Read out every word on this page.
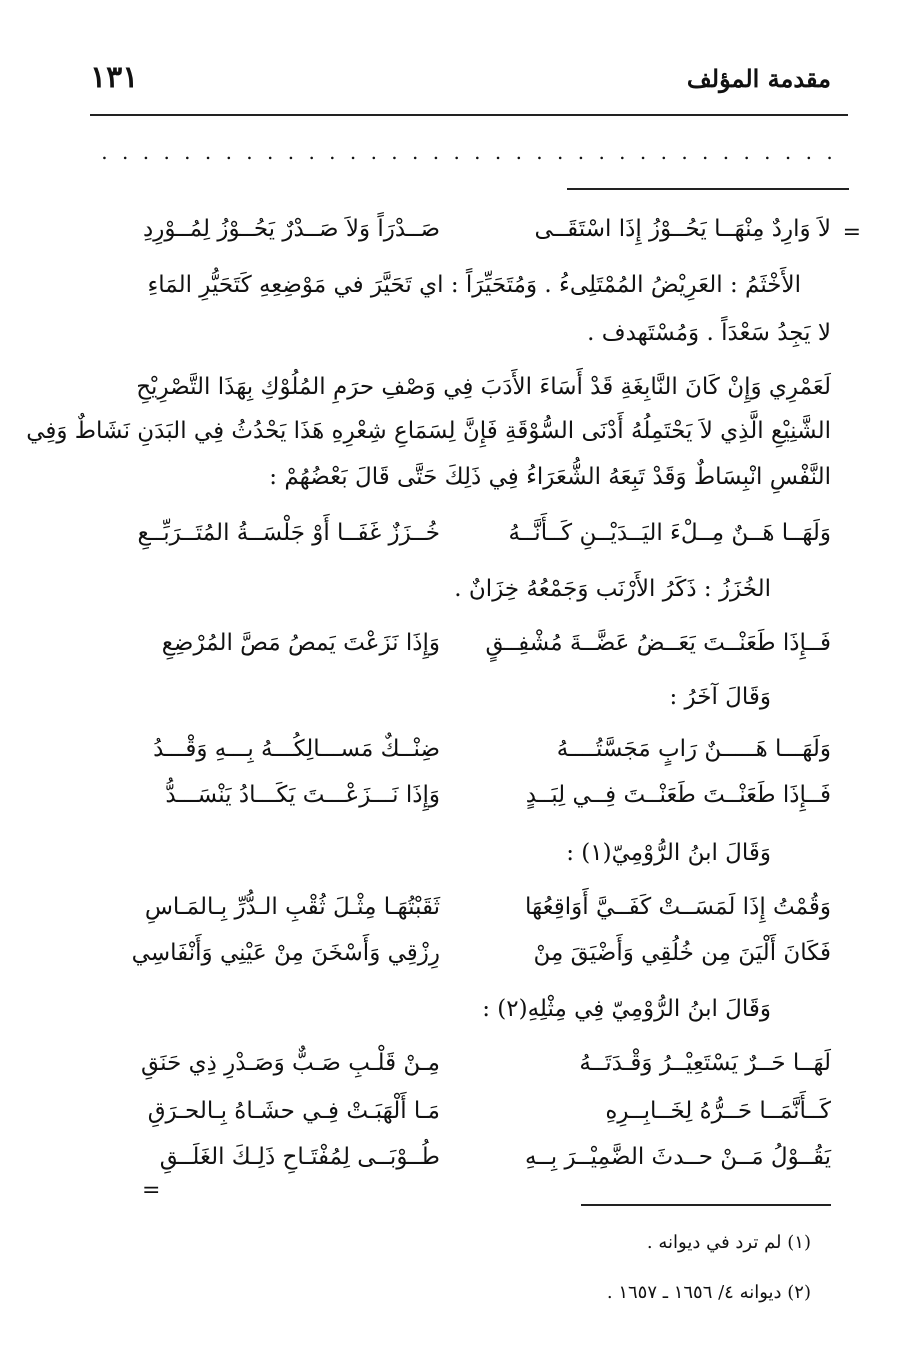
مقدمة المؤلف
١٣١
. . . . . . . . . . . . . . . . . . . . . . . . . . . . . . . . . . . .
=
=
لاَ وَارِدٌ مِنْهَــا يَحُــوْزُ إِذَا اسْتَقَــى
صَــدْرَاً وَلاَ صَــدْرٌ يَحُــوْزُ لِمُــوْرِدِ
الأَخْثَمُ : العَرِيْضُ المُمْتَلِىءُ . وَمُتَحَيِّرَاً : اي تَحَيَّرَ في مَوْضِعِهِ كَتَحَيُّرِ المَاءِ
لا يَجِدُ سَعْدَاً . وَمُسْتَهدف .
لَعَمْرِي وَإِنْ كَانَ النَّابِغَةِ قَدْ أَسَاءَ الأَدَبَ فِي وَصْفِ حرَمِ المُلُوْكِ بِهَذَا التَّصْرِيْحِ
الشَّنِيْعِ الَّذِي لاَ يَحْتَمِلُهُ أَدْنَى السُّوْقَةِ فَإِنَّ لِسَمَاعِ شِعْرِهِ هَذَا يَحْدُثُ فِي البَدَنِ نَشَاطٌ وَفِي
النَّفْسِ انْبِسَاطٌ وَقَدْ تَبِعَهُ الشُّعَرَاءُ فِي ذَلِكَ حَتَّى قَالَ بَعْضُهُمْ :
وَلَهَــا هَــنٌ مِــلْءَ اليَــدَيْــنِ كَــأَنَّــهُ
خُــزَزٌ غَفَــا أَوْ جَلْسَــةُ المُتَــرَبِّــعِ
الخُزَزُ : ذَكَرُ الأَرْنَب وَجَمْعُهُ خِزَانٌ .
فَــإِذَا طَعَنْــتَ يَعَــضُ عَضَّــةَ مُشْفِــقٍ
وَإِذَا نَزَعْتَ يَمصُ مَصَّ المُرْضِعِ
وَقَالَ آخَرُ :
وَلَهَـــا هَـــــنٌ رَابٍ مَجَسَّتُــــهُ
ضِنْــكٌ مَســـالِكُـــهُ بِـــهِ وَقْـــدُ
فَــإِذَا طَعَنْــتَ طَعَنْــتَ فِــي لِبَــدٍ
وَإِذَا نَـــزَعْـــتَ يَكَـــادُ يَنْسَـــدُّ
وَقَالَ ابنُ الرُّوْمِيّ(١) :
وَقُمْتُ إِذَا لَمَسَــتْ كَفَــيَّ أَوَاقِعُهَا
ثَقَبْتُهَـا مِثْـلَ ثُقْبِ الـدُّرِّ بِـالمَـاسِ
فَكَانَ أَلْيَنَ مِن خُلُقِي وَأَضْيَقَ مِنْ
رِزْقِي وَأَسْخَنَ مِنْ عَيْنِي وَأَنْفَاسِي
وَقَالَ ابنُ الرُّوْمِيّ فِي مِثْلِهِ(٢) :
لَهَــا حَــرٌ يَسْتَعِيْــرُ وَقْـدَتَــهُ
مِـنْ قَلْـبِ صَـبٌّ وَصَـدْرِ ذِي حَنَقِ
كَــأَنَّمَــا حَــرُّهُ لِخَــابِــرِهِ
مَـا أَلْهَبَـتْ فِـي حشَـاهُ بِـالحـرَقِ
يَقُــوْلُ مَــنْ حــدثَ الضَّمِيْــرَ بِــهِ
طُــوْبَــى لِمُفْتَـاحِ ذَلِـكَ الغَلَــقِ
(١) لم ترد في ديوانه .
(٢) ديوانه ٤/ ١٦٥٦ ـ ١٦٥٧ .
